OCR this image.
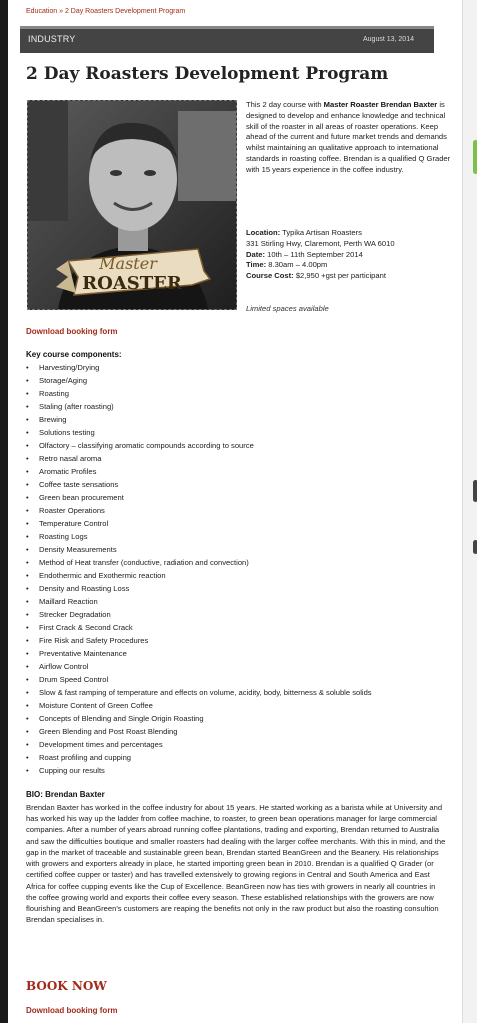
Education » 2 Day Roasters Development Program
INDUSTRY	August 13, 2014
2 Day Roasters Development Program
Master
ROASTER
This 2 day course with Master Roaster Brendan Baxter is designed to develop and enhance knowledge and technical skill of the roaster in all areas of roaster operations. Keep ahead of the current and future market trends and demands whilst maintaining an qualitative approach to international standards in roasting coffee. Brendan is a qualified Q Grader with 15 years experience in the coffee industry.
Location: Typika Artisan Roasters
331 Stirling Hwy, Claremont, Perth WA 6010
Date: 10th – 11th September 2014
Time: 8.30am – 4.00pm
Course Cost: $2,950 +gst per participant
Limited spaces available
Download booking form
Key course components:
• Harvesting/Drying
• Storage/Aging
• Roasting
• Staling (after roasting)
• Brewing
• Solutions testing
• Olfactory – classifying aromatic compounds according to source
• Retro nasal aroma
• Aromatic Profiles
• Coffee taste sensations
• Green bean procurement
• Roaster Operations
• Temperature Control
• Roasting Logs
• Density Measurements
• Method of Heat transfer (conductive, radiation and convection)
• Endothermic and Exothermic reaction
• Density and Roasting Loss
• Maillard Reaction
• Strecker Degradation
• First Crack & Second Crack
• Fire Risk and Safety Procedures
• Preventative Maintenance
• Airflow Control
• Drum Speed Control
• Slow & fast ramping of temperature and effects on volume, acidity, body, bitterness & soluble solids
• Moisture Content of Green Coffee
• Concepts of Blending and Single Origin Roasting
• Green Blending and Post Roast Blending
• Development times and percentages
• Roast profiling and cupping
• Cupping our results
BIO: Brendan Baxter
Brendan Baxter has worked in the coffee industry for about 15 years. He started working as a barista while at University and has worked his way up the ladder from coffee machine, to roaster, to green bean operations manager for large commercial companies. After a number of years abroad running coffee plantations, trading and exporting, Brendan returned to Australia and saw the difficulties boutique and smaller roasters had dealing with the larger coffee merchants. With this in mind, and the gap in the market of traceable and sustainable green bean, Brendan started BeanGreen and the Beanery. His relationships with growers and exporters already in place, he started importing green bean in 2010. Brendan is a qualified Q Grader (or certified coffee cupper or taster) and has travelled extensively to growing regions in Central and South America and East Africa for coffee cupping events like the Cup of Excellence. BeanGreen now has ties with growers in nearly all countries in the coffee growing world and exports their coffee every season. These established relationships with the growers are now flourishing and BeanGreen's customers are reaping the benefits not only in the raw product but also the roasting consultion Brendan specialises in.
BOOK NOW
Download booking form
